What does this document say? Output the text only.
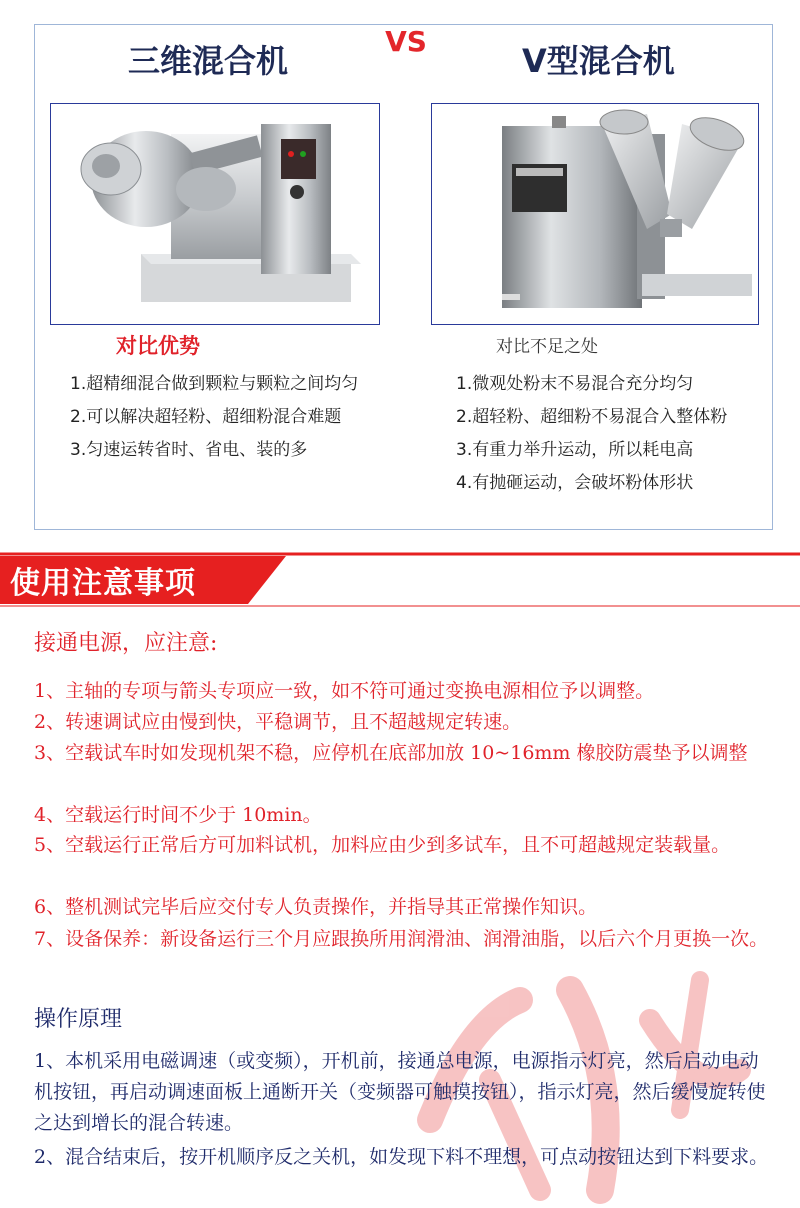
VS
三维混合机	V型混合机
对比优势	对比不足之处
1.超精细混合做到颗粒与颗粒之间均匀
2.可以解决超轻粉、超细粉混合难题
3.匀速运转省时、省电、装的多
1.微观处粉末不易混合充分均匀
2.超轻粉、超细粉不易混合入整体粉
3.有重力举升运动，所以耗电高
4.有抛砸运动，会破坏粉体形状
使用注意事项
接通电源，应注意:
1、主轴的专项与箭头专项应一致，如不符可通过变换电源相位予以调整。
2、转速调试应由慢到快，平稳调节，且不超越规定转速。
3、空载试车时如发现机架不稳，应停机在底部加放 10~16mm 橡胶防震垫予以调整
4、空载运行时间不少于 10min。
5、空载运行正常后方可加料试机，加料应由少到多试车，且不可超越规定装载量。
6、整机测试完毕后应交付专人负责操作，并指导其正常操作知识。
7、设备保养：新设备运行三个月应跟换所用润滑油、润滑油脂，以后六个月更换一次。
操作原理
1、本机采用电磁调速（或变频），开机前，接通总电源，电源指示灯亮，然后启动电动机按钮，再启动调速面板上通断开关（变频器可触摸按钮），指示灯亮，然后缓慢旋转使之达到增长的混合转速。
2、混合结束后，按开机顺序反之关机，如发现下料不理想，可点动按钮达到下料要求。
